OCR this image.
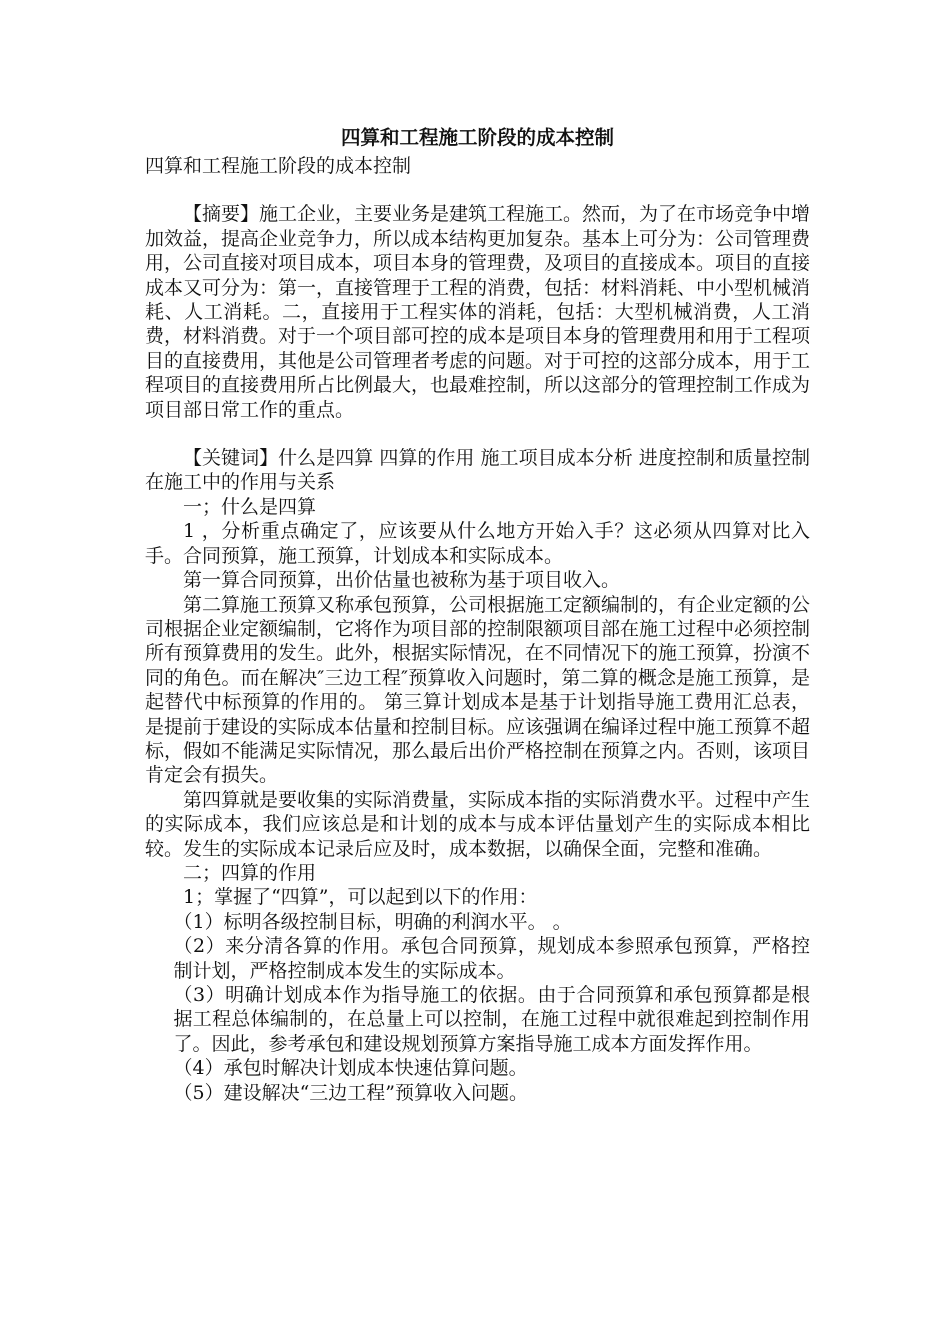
四算和工程施工阶段的成本控制

四算和工程施工阶段的成本控制

【摘要】施工企业，主要业务是建筑工程施工。然而，为了在市场竞争中增加效益，提高企业竞争力，所以成本结构更加复杂。基本上可分为：公司管理费用，公司直接对项目成本，项目本身的管理费，及项目的直接成本。项目的直接成本又可分为：第一，直接管理于工程的消费，包括：材料消耗、中小型机械消耗、人工消耗。二，直接用于工程实体的消耗，包括：大型机械消费，人工消费，材料消费。对于一个项目部可控的成本是项目本身的管理费用和用于工程项目的直接费用，其他是公司管理者考虑的问题。对于可控的这部分成本，用于工程项目的直接费用所占比例最大，也最难控制，所以这部分的管理控制工作成为项目部日常工作的重点。

【关键词】什么是四算 四算的作用 施工项目成本分析 进度控制和质量控制在施工中的作用与关系

一；什么是四算

1 ，分析重点确定了，应该要从什么地方开始入手？这必须从四算对比入手。合同预算，施工预算，计划成本和实际成本。

第一算合同预算，出价估量也被称为基于项目收入。

第二算施工预算又称承包预算，公司根据施工定额编制的，有企业定额的公司根据企业定额编制，它将作为项目部的控制限额项目部在施工过程中必须控制所有预算费用的发生。此外，根据实际情况，在不同情况下的施工预算，扮演不同的角色。而在解决″三边工程″预算收入问题时，第二算的概念是施工预算，是起替代中标预算的作用的。 第三算计划成本是基于计划指导施工费用汇总表，是提前于建设的实际成本估量和控制目标。应该强调在编译过程中施工预算不超标，假如不能满足实际情况，那么最后出价严格控制在预算之内。否则，该项目肯定会有损失。

第四算就是要收集的实际消费量，实际成本指的实际消费水平。过程中产生的实际成本，我们应该总是和计划的成本与成本评估量划产生的实际成本相比较。发生的实际成本记录后应及时，成本数据，以确保全面，完整和准确。

二；四算的作用

1；掌握了“四算”，可以起到以下的作用：

（1）标明各级控制目标，明确的利润水平。 。

（2）来分清各算的作用。承包合同预算，规划成本参照承包预算，严格控制计划，严格控制成本发生的实际成本。

（3）明确计划成本作为指导施工的依据。由于合同预算和承包预算都是根据工程总体编制的，在总量上可以控制，在施工过程中就很难起到控制作用了。因此，参考承包和建设规划预算方案指导施工成本方面发挥作用。

（4）承包时解决计划成本快速估算问题。

（5）建设解决“三边工程”预算收入问题。
